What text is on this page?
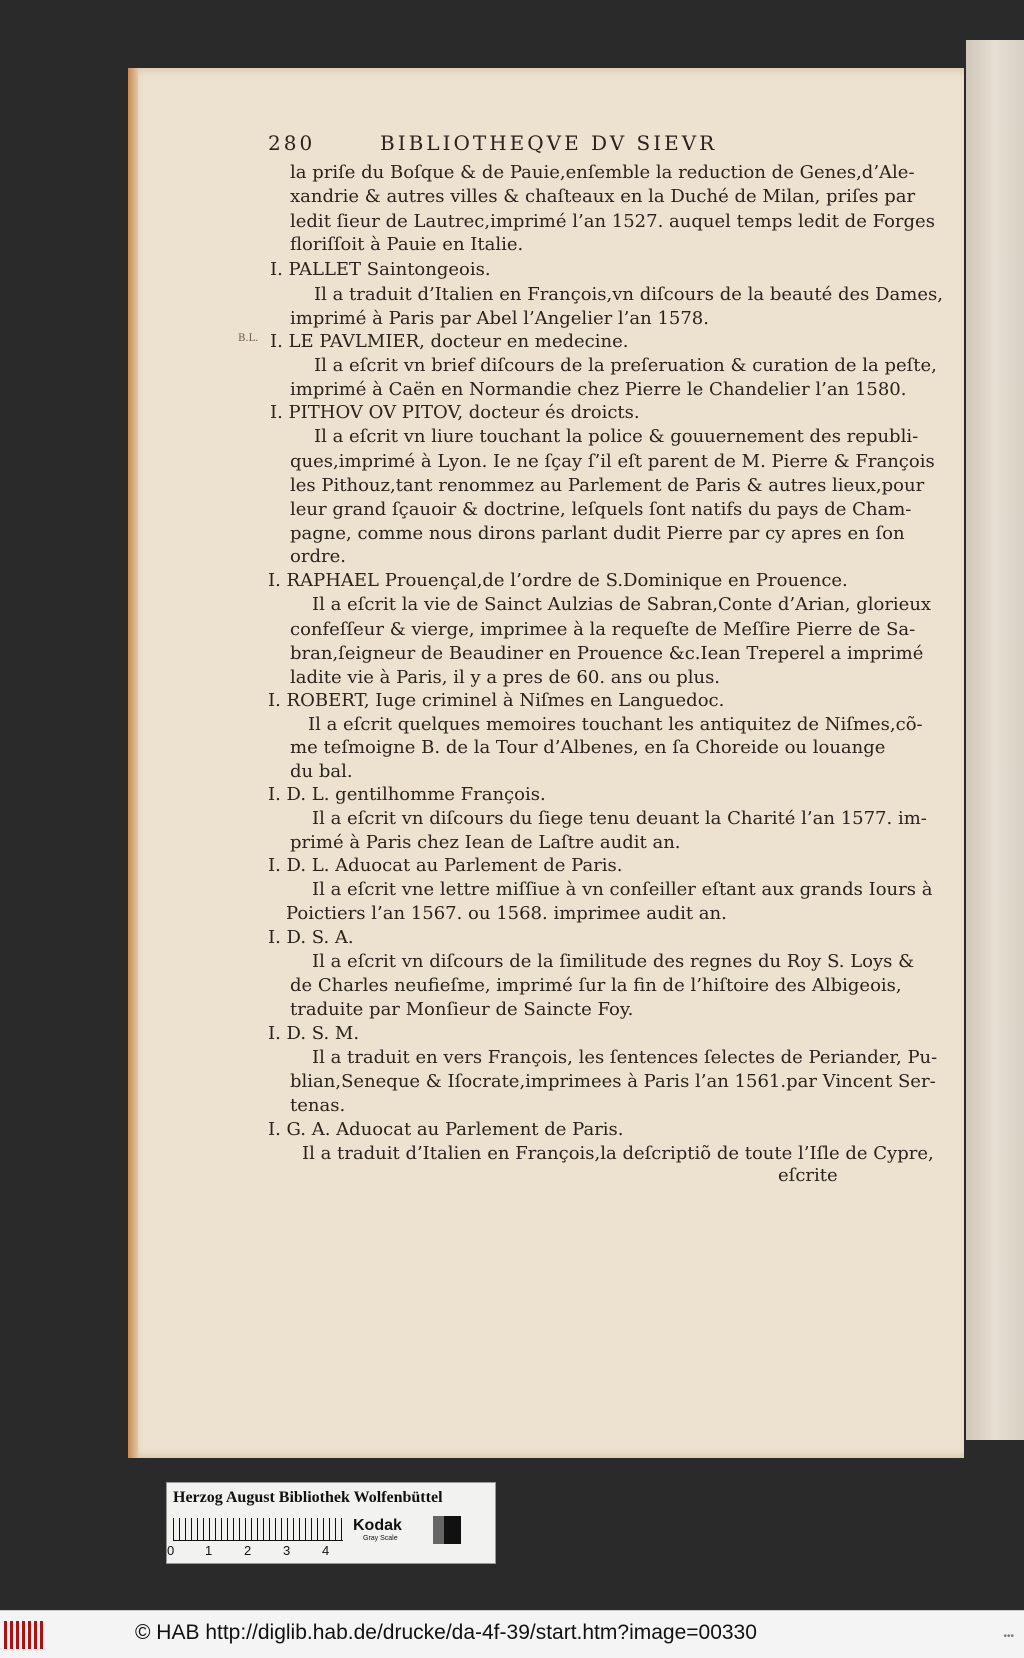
280	BIBLIOTHEQVE DV SIEVR
B.L.
la priſe du Boſque & de Pauie,enſemble la reduction de Genes,d’Ale-
xandrie & autres villes & chaſteaux en la Duché de Milan, priſes par
ledit ſieur de Lautrec,imprimé l’an 1527. auquel temps ledit de Forges
floriſſoit à Pauie en Italie.
I. PALLET Saintongeois.
Il a traduit d’Italien en François,vn diſcours de la beauté des Dames,
imprimé à Paris par Abel l’Angelier l’an 1578.
I. LE PAVLMIER, docteur en medecine.
Il a eſcrit vn brief diſcours de la preſeruation & curation de la peſte,
imprimé à Caën en Normandie chez Pierre le Chandelier l’an 1580.
I. PITHOV OV PITOV, docteur és droicts.
Il a eſcrit vn liure touchant la police & gouuernement des republi-
ques,imprimé à Lyon. Ie ne ſçay ſ’il eſt parent de M. Pierre & François
les Pithouz,tant renommez au Parlement de Paris & autres lieux,pour
leur grand ſçauoir & doctrine, leſquels ſont natifs du pays de Cham-
pagne, comme nous dirons parlant dudit Pierre par cy apres en ſon
ordre.
I. RAPHAEL Prouençal,de l’ordre de S.Dominique en Prouence.
Il a eſcrit la vie de Sainct Aulzias de Sabran,Conte d’Arian, glorieux
confeſſeur & vierge, imprimee à la requeſte de Meſſire Pierre de Sa-
bran,ſeigneur de Beaudiner en Prouence &c.Iean Treperel a imprimé
ladite vie à Paris, il y a pres de 60. ans ou plus.
I. ROBERT, Iuge criminel à Niſmes en Languedoc.
Il a eſcrit quelques memoires touchant les antiquitez de Niſmes,cõ-
me teſmoigne B. de la Tour d’Albenes, en ſa Choreide ou louange
du bal.
I. D. L. gentilhomme François.
Il a eſcrit vn diſcours du ſiege tenu deuant la Charité l’an 1577. im-
primé à Paris chez Iean de Laſtre audit an.
I. D. L. Aduocat au Parlement de Paris.
Il a eſcrit vne lettre miſſiue à vn conſeiller eſtant aux grands Iours à
Poictiers l’an 1567. ou 1568. imprimee audit an.
I. D. S. A.
Il a eſcrit vn diſcours de la ſimilitude des regnes du Roy S. Loys &
de Charles neufieſme, imprimé ſur la fin de l’hiſtoire des Albigeois,
traduite par Monſieur de Saincte Foy.
I. D. S. M.
Il a traduit en vers François, les ſentences ſelectes de Periander, Pu-
blian,Seneque & Iſocrate,imprimees à Paris l’an 1561.par Vincent Ser-
tenas.
I. G. A. Aduocat au Parlement de Paris.
Il a traduit d’Italien en François,la deſcriptiõ de toute l’Iſle de Cypre,
eſcrite
Herzog August Bibliothek Wolfenbüttel
0 1 2 3 4
Kodak
Gray Scale
© HAB http://diglib.hab.de/drucke/da-4f-39/start.htm?image=00330	•••
